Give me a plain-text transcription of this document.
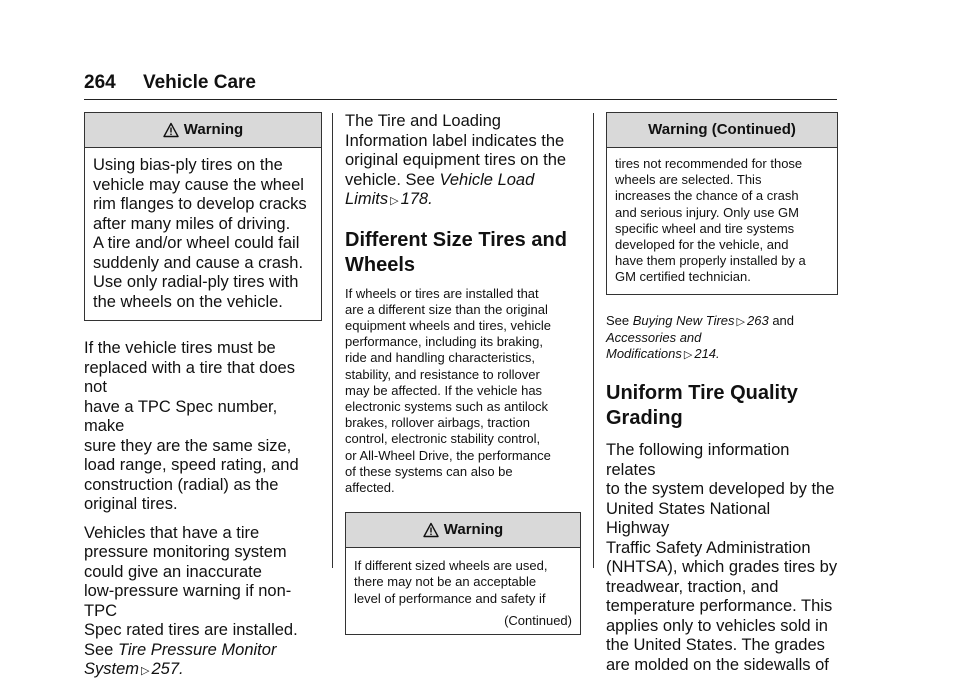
264 Vehicle Care
Warning
Using bias-ply tires on the
vehicle may cause the wheel
rim flanges to develop cracks
after many miles of driving.
A tire and/or wheel could fail
suddenly and cause a crash.
Use only radial-ply tires with
the wheels on the vehicle.
If the vehicle tires must be
replaced with a tire that does not
have a TPC Spec number, make
sure they are the same size,
load range, speed rating, and
construction (radial) as the
original tires.
Vehicles that have a tire
pressure monitoring system
could give an inaccurate
low-pressure warning if non-TPC
Spec rated tires are installed.
See Tire Pressure Monitor
System ▷ 257.
The Tire and Loading
Information label indicates the
original equipment tires on the
vehicle. See Vehicle Load
Limits ▷ 178.
Different Size Tires and
Wheels
If wheels or tires are installed that
are a different size than the original
equipment wheels and tires, vehicle
performance, including its braking,
ride and handling characteristics,
stability, and resistance to rollover
may be affected. If the vehicle has
electronic systems such as antilock
brakes, rollover airbags, traction
control, electronic stability control,
or All-Wheel Drive, the performance
of these systems can also be
affected.
Warning
If different sized wheels are used,
there may not be an acceptable
level of performance and safety if
(Continued)
Warning (Continued)
tires not recommended for those
wheels are selected. This
increases the chance of a crash
and serious injury. Only use GM
specific wheel and tire systems
developed for the vehicle, and
have them properly installed by a
GM certified technician.
See Buying New Tires ▷ 263 and
Accessories and
Modifications ▷ 214.
Uniform Tire Quality
Grading
The following information relates
to the system developed by the
United States National Highway
Traffic Safety Administration
(NHTSA), which grades tires by
treadwear, traction, and
temperature performance. This
applies only to vehicles sold in
the United States. The grades
are molded on the sidewalls of
